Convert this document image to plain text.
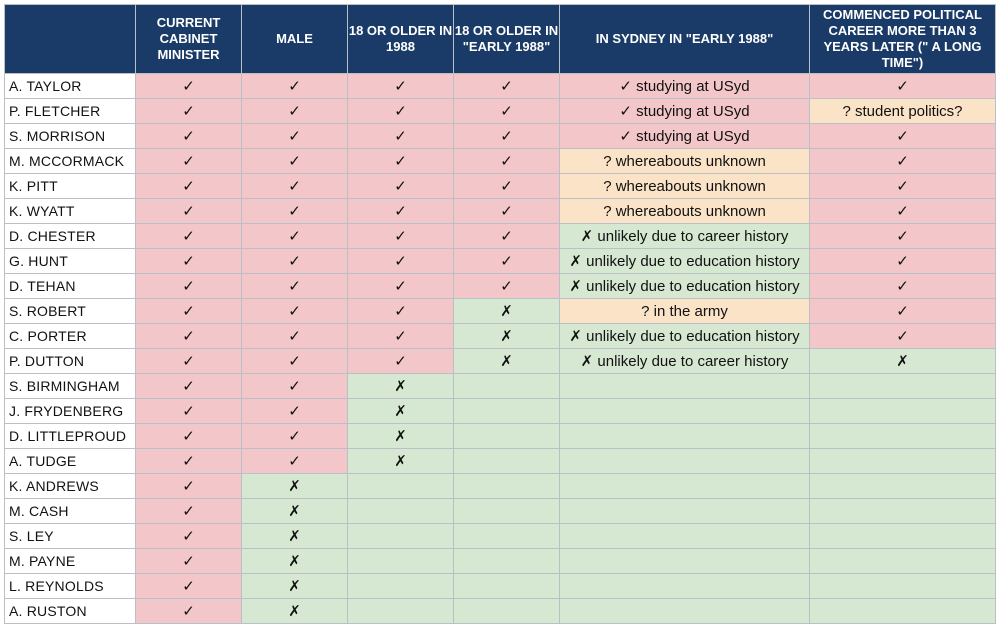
	CURRENT CABINET MINISTER	MALE	18 OR OLDER IN 1988	18 OR OLDER IN "EARLY 1988"	IN SYDNEY IN "EARLY 1988"	COMMENCED POLITICAL CAREER MORE THAN 3 YEARS LATER (" A LONG TIME")
A. TAYLOR	✓	✓	✓	✓	✓ studying at USyd	✓
P. FLETCHER	✓	✓	✓	✓	✓ studying at USyd	? student politics?
S. MORRISON	✓	✓	✓	✓	✓ studying at USyd	✓
M. MCCORMACK	✓	✓	✓	✓	? whereabouts unknown	✓
K. PITT	✓	✓	✓	✓	? whereabouts unknown	✓
K. WYATT	✓	✓	✓	✓	? whereabouts unknown	✓
D. CHESTER	✓	✓	✓	✓	✗ unlikely due to career history	✓
G. HUNT	✓	✓	✓	✓	✗ unlikely due to education history	✓
D. TEHAN	✓	✓	✓	✓	✗ unlikely due to education history	✓
S. ROBERT	✓	✓	✓	✗	? in the army	✓
C. PORTER	✓	✓	✓	✗	✗ unlikely due to education history	✓
P. DUTTON	✓	✓	✓	✗	✗ unlikely due to career history	✗
S. BIRMINGHAM	✓	✓	✗			
J. FRYDENBERG	✓	✓	✗			
D. LITTLEPROUD	✓	✓	✗			
A. TUDGE	✓	✓	✗			
K. ANDREWS	✓	✗				
M. CASH	✓	✗				
S. LEY	✓	✗				
M. PAYNE	✓	✗				
L. REYNOLDS	✓	✗				
A. RUSTON	✓	✗				
